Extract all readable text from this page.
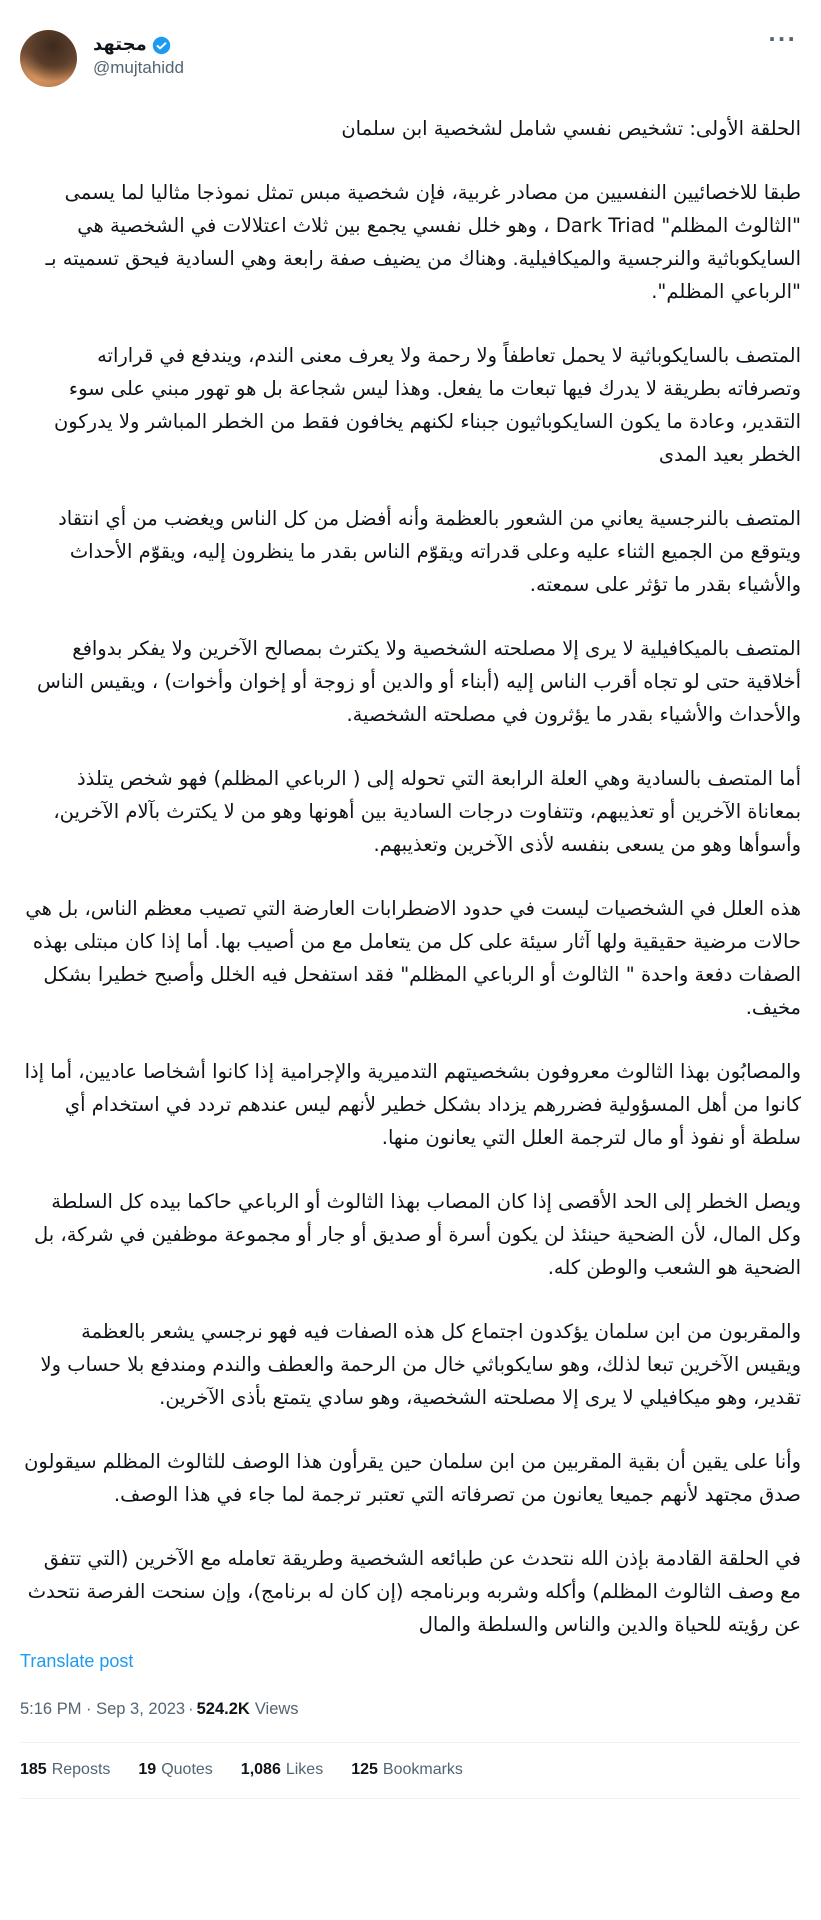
مجتهد
@mujtahidd
···

الحلقة الأولى: تشخيص نفسي شامل لشخصية ابن سلمان

طبقا للاخصائيين النفسيين من مصادر غربية، فإن شخصية مبس تمثل نموذجا مثاليا لما يسمى "الثالوث المظلم" Dark Triad ، وهو خلل نفسي يجمع بين ثلاث اعتلالات في الشخصية هي السايكوباثية والنرجسية والميكافيلية. وهناك من يضيف صفة رابعة وهي السادية فيحق تسميته بـ "الرباعي المظلم".

المتصف بالسايكوباثية لا يحمل تعاطفاً ولا رحمة ولا يعرف معنى الندم، ويندفع في قراراته وتصرفاته بطريقة لا يدرك فيها تبعات ما يفعل. وهذا ليس شجاعة بل هو تهور مبني على سوء التقدير، وعادة ما يكون السايكوباثيون جبناء لكنهم يخافون فقط من الخطر المباشر ولا يدركون الخطر بعيد المدى

المتصف بالنرجسية يعاني من الشعور بالعظمة وأنه أفضل من كل الناس ويغضب من أي انتقاد ويتوقع من الجميع الثناء عليه وعلى قدراته ويقوّم الناس بقدر ما ينظرون إليه، ويقوّم الأحداث والأشياء بقدر ما تؤثر على سمعته.

المتصف بالميكافيلية لا يرى إلا مصلحته الشخصية ولا يكترث بمصالح الآخرين ولا يفكر بدوافع أخلاقية حتى لو تجاه أقرب الناس إليه (أبناء أو والدين أو زوجة أو إخوان وأخوات) ، ويقيس الناس والأحداث والأشياء بقدر ما يؤثرون في مصلحته الشخصية.

أما المتصف بالسادية وهي العلة الرابعة التي تحوله إلى ( الرباعي المظلم) فهو شخص يتلذذ بمعاناة الآخرين أو تعذيبهم، وتتفاوت درجات السادية بين أهونها وهو من لا يكترث بآلام الآخرين، وأسوأها وهو من يسعى بنفسه لأذى الآخرين وتعذيبهم.

هذه العلل في الشخصيات ليست في حدود الاضطرابات العارضة التي تصيب معظم الناس، بل هي حالات مرضية حقيقية ولها آثار سيئة على كل من يتعامل مع من أصيب بها. أما إذا كان مبتلى بهذه الصفات دفعة واحدة " الثالوث أو الرباعي المظلم" فقد استفحل فيه الخلل وأصبح خطيرا بشكل مخيف.

والمصابُون بهذا الثالوث معروفون بشخصيتهم التدميرية والإجرامية إذا كانوا أشخاصا عاديين، أما إذا كانوا من أهل المسؤولية فضررهم يزداد بشكل خطير لأنهم ليس عندهم تردد في استخدام أي سلطة أو نفوذ أو مال لترجمة العلل التي يعانون منها.

ويصل الخطر إلى الحد الأقصى إذا كان المصاب بهذا الثالوث أو الرباعي حاكما بيده كل السلطة وكل المال، لأن الضحية حينئذ لن يكون أسرة أو صديق أو جار أو مجموعة موظفين في شركة، بل الضحية هو الشعب والوطن كله.

والمقربون من ابن سلمان يؤكدون اجتماع كل هذه الصفات فيه فهو نرجسي يشعر بالعظمة ويقيس الآخرين تبعا لذلك، وهو سايكوباثي خال من الرحمة والعطف والندم ومندفع بلا حساب ولا تقدير، وهو ميكافيلي لا يرى إلا مصلحته الشخصية، وهو سادي يتمتع بأذى الآخرين.

وأنا على يقين أن بقية المقربين من ابن سلمان حين يقرأون هذا الوصف للثالوث المظلم سيقولون صدق مجتهد لأنهم جميعا يعانون من تصرفاته التي تعتبر ترجمة لما جاء في هذا الوصف.

في الحلقة القادمة بإذن الله نتحدث عن طبائعه الشخصية وطريقة تعامله مع الآخرين (التي تتفق مع وصف الثالوث المظلم) وأكله وشربه وبرنامجه (إن كان له برنامج)، وإن سنحت الفرصة نتحدث عن رؤيته للحياة والدين والناس والسلطة والمال

Translate post
5:16 PM · Sep 3, 2023 · 524.2K Views
185 Reposts 19 Quotes 1,086 Likes 125 Bookmarks
